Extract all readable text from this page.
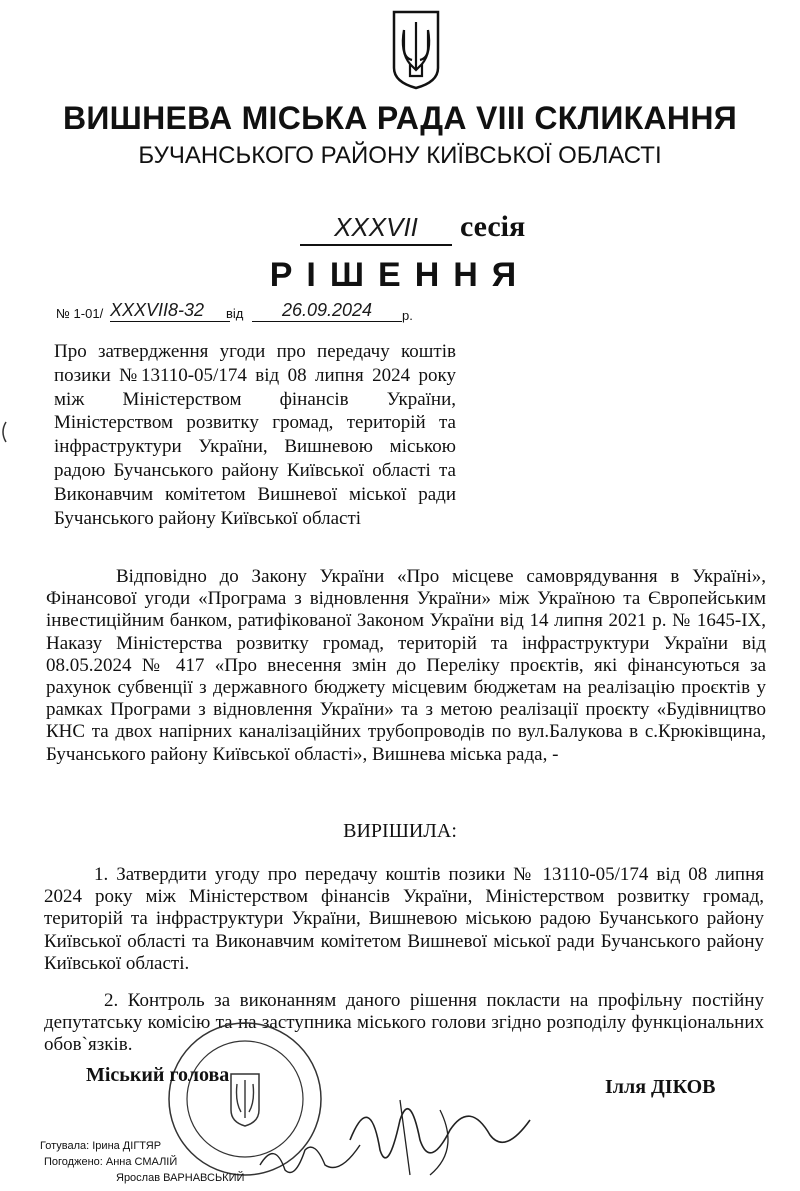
ВИШНЕВА МІСЬКА РАДА VIII СКЛИКАННЯ
БУЧАНСЬКОГО РАЙОНУ КИЇВСЬКОЇ ОБЛАСТІ
XXXVII	сесія
РІШЕННЯ
№ 1-01/ XXXVII8-32	від	26.09.2024	р.
Про затвердження угоди про передачу коштів позики №13110-05/174 від 08 липня 2024 року між Міністерством фінансів України, Міністерством розвитку громад, територій та інфраструктури України, Вишневою міською радою Бучанського району Київської області та Виконавчим комітетом Вишневої міської ради Бучанського району Київської області
Відповідно до Закону України «Про місцеве самоврядування в Україні», Фінансової угоди «Програма з відновлення України» між Україною та Європейським інвестиційним банком, ратифікованої Законом України від 14 липня 2021 р. № 1645-IX, Наказу Міністерства розвитку громад, територій та інфраструктури України від 08.05.2024 № 417 «Про внесення змін до Переліку проєктів, які фінансуються за рахунок субвенції з державного бюджету місцевим бюджетам на реалізацію проєктів у рамках Програми з відновлення України» та з метою реалізації проєкту «Будівництво КНС та двох напірних каналізаційних трубопроводів по вул.Балукова в с.Крюківщина, Бучанського району Київської області», Вишнева міська рада, -
ВИРІШИЛА:
1. Затвердити угоду про передачу коштів позики № 13110-05/174 від 08 липня 2024 року між Міністерством фінансів України, Міністерством розвитку громад, територій та інфраструктури України, Вишневою міською радою Бучанського району Київської області та Виконавчим комітетом Вишневої міської ради Бучанського району Київської області.
2. Контроль за виконанням даного рішення покласти на профільну постійну депутатську комісію та на заступника міського голови згідно розподілу функціональних обов`язків.
Міський голова
Ілля ДІКОВ
Готувала: Ірина ДІГТЯР
Погоджено: Анна СМАЛІЙ
Ярослав ВАРНАВСЬКИЙ
